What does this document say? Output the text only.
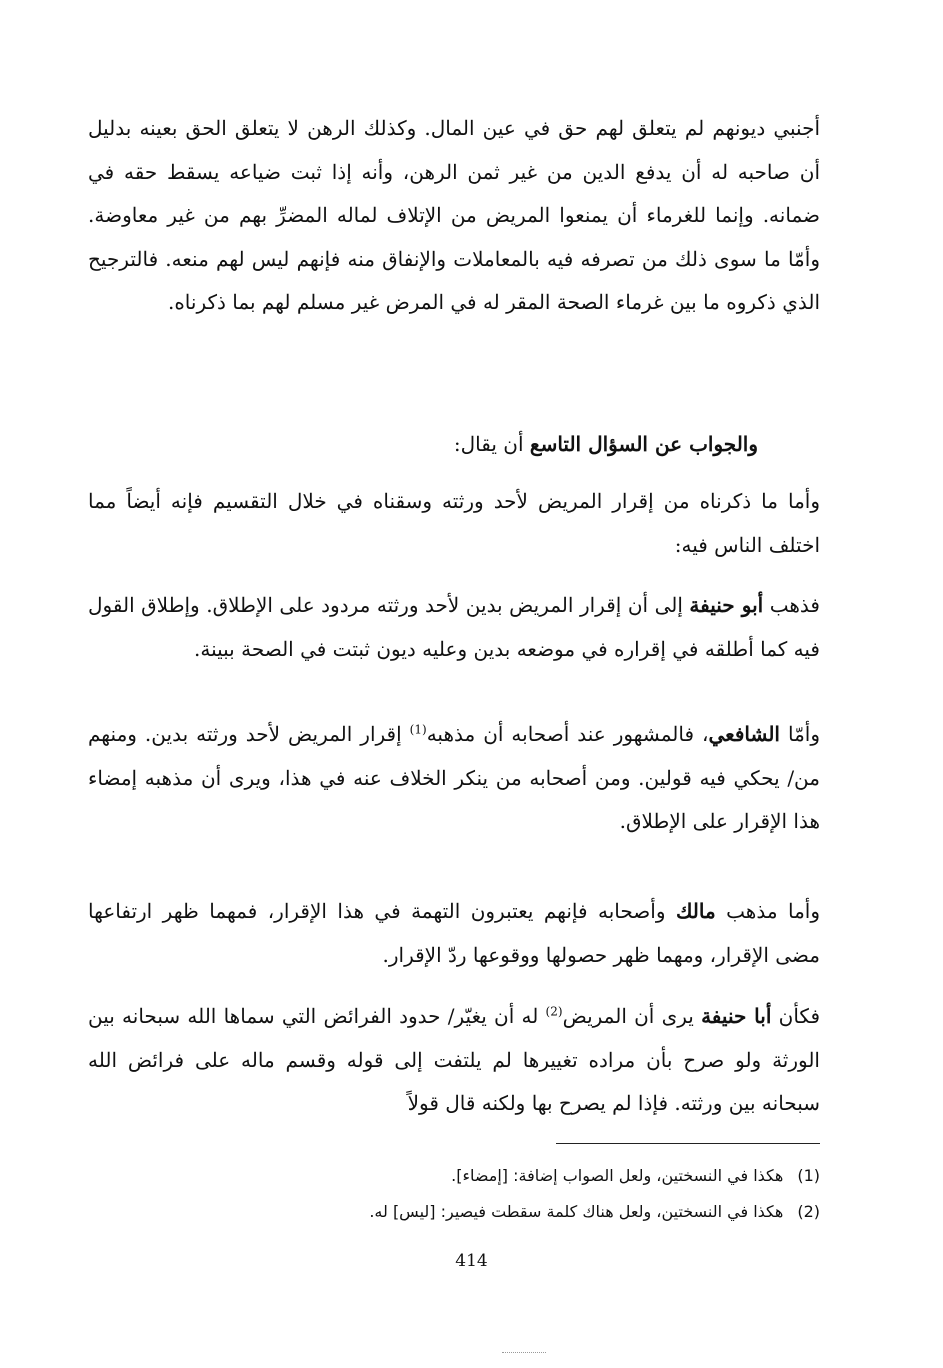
أجنبي ديونهم لم يتعلق لهم حق في عين المال. وكذلك الرهن لا يتعلق الحق بعينه بدليل أن صاحبه له أن يدفع الدين من غير ثمن الرهن، وأنه إذا ثبت ضياعه يسقط حقه في ضمانه. وإنما للغرماء أن يمنعوا المريض من الإتلاف لماله المضرِّ بهم من غير معاوضة. وأمّا ما سوى ذلك من تصرفه فيه بالمعاملات والإنفاق منه فإنهم ليس لهم منعه. فالترجيح الذي ذكروه ما بين غرماء الصحة المقر له في المرض غير مسلم لهم بما ذكرناه.

والجواب عن السؤال التاسع أن يقال:

وأما ما ذكرناه من إقرار المريض لأحد ورثته وسقناه في خلال التقسيم فإنه أيضاً مما اختلف الناس فيه:

فذهب أبو حنيفة إلى أن إقرار المريض بدين لأحد ورثته مردود على الإطلاق. وإطلاق القول فيه كما أطلقه في إقراره في موضعه بدين وعليه ديون ثبتت في الصحة ببينة.

وأمّا الشافعي، فالمشهور عند أصحابه أن مذهبه$^{(1)}$ إقرار المريض لأحد ورثته بدين. ومنهم من/ يحكي فيه قولين. ومن أصحابه من ينكر الخلاف عنه في هذا، ويرى أن مذهبه إمضاء هذا الإقرار على الإطلاق.

وأما مذهب مالك وأصحابه فإنهم يعتبرون التهمة في هذا الإقرار، فمهما ظهر ارتفاعها مضى الإقرار، ومهما ظهر حصولها ووقوعها ردّ الإقرار.

فكأن أبا حنيفة يرى أن المريض$^{(2)}$ له أن يغيّر/ حدود الفرائض التي سماها الله سبحانه بين الورثة ولو صرح بأن مراده تغييرها لم يلتفت إلى قوله وقسم ماله على فرائض الله سبحانه بين ورثته. فإذا لم يصرح بها ولكنه قال قولاً

(1)هكذا في النسختين، ولعل الصواب إضافة: [إمضاء].
(2)هكذا في النسختين، ولعل هناك كلمة سقطت فيصير: [ليس] له.
414
